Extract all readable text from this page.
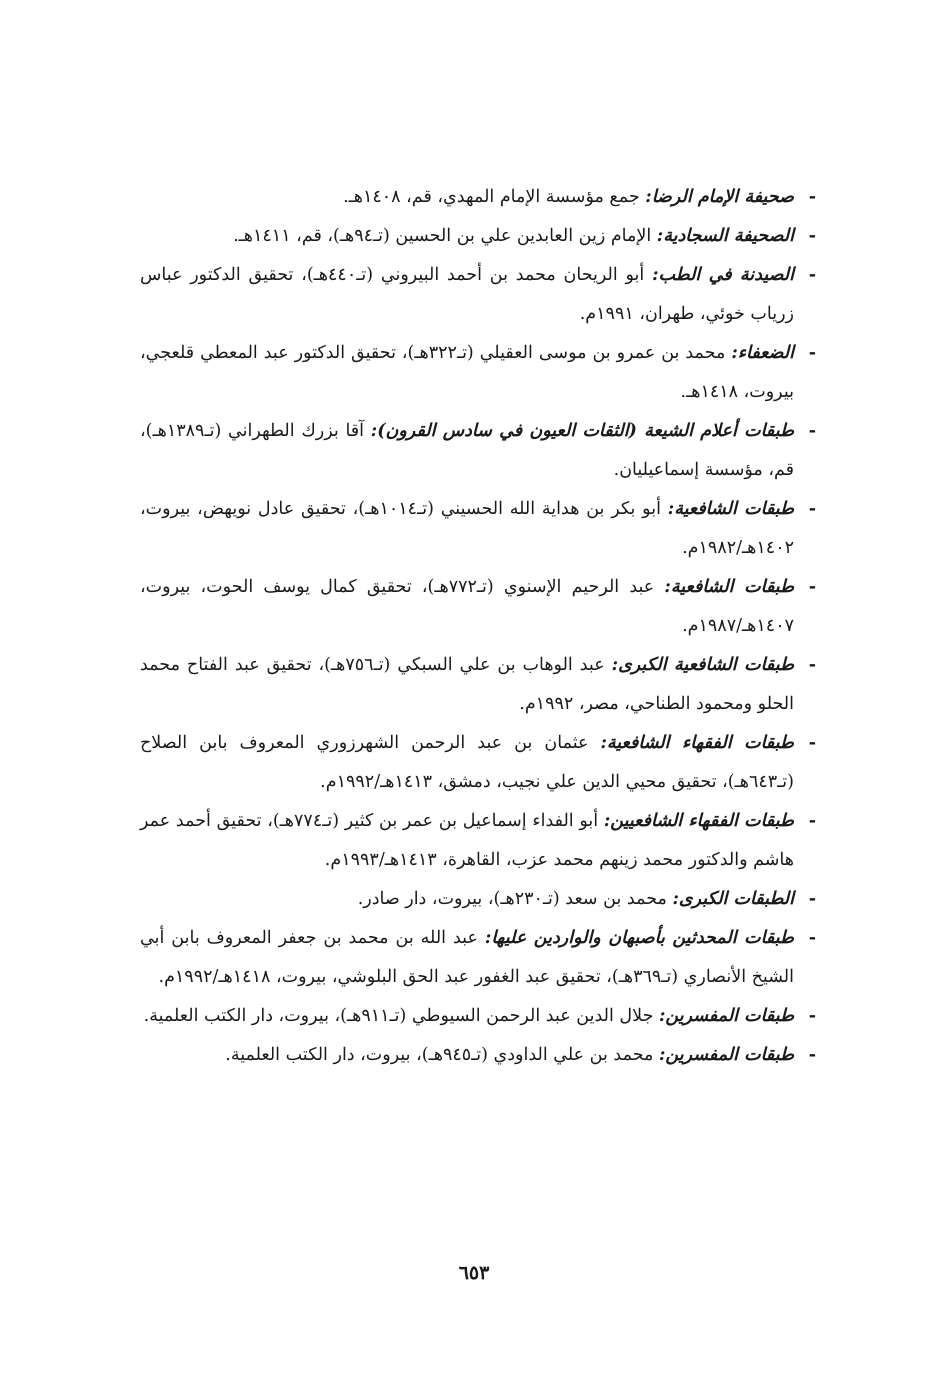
-
صحيفة الإمام الرضا: جمع مؤسسة الإمام المهدي، قم، ١٤٠٨هـ.

-
الصحيفة السجادية: الإمام زين العابدين علي بن الحسين (تـ٩٤هـ)، قم، ١٤١١هـ.

-
الصيدنة في الطب: أبو الريحان محمد بن أحمد البيروني (تـ٤٤٠هـ)، تحقيق الدكتور عباس زرياب خوئي، طهران، ١٩٩١م.

-
الضعفاء: محمد بن عمرو بن موسى العقيلي (تـ٣٢٢هـ)، تحقيق الدكتور عبد المعطي قلعجي، بيروت، ١٤١٨هـ.

-
طبقات أعلام الشيعة (الثقات العيون في سادس القرون): آقا بزرك الطهراني (تـ١٣٨٩هـ)، قم، مؤسسة إسماعيليان.

-
طبقات الشافعية: أبو بكر بن هداية الله الحسيني (تـ١٠١٤هـ)، تحقيق عادل نويهض، بيروت، ١٤٠٢هـ/١٩٨٢م.

-
طبقات الشافعية: عبد الرحيم الإسنوي (تـ٧٧٢هـ)، تحقيق كمال يوسف الحوت، بيروت، ١٤٠٧هـ/١٩٨٧م.

-
طبقات الشافعية الكبرى: عبد الوهاب بن علي السبكي (تـ٧٥٦هـ)، تحقيق عبد الفتاح محمد الحلو ومحمود الطناحي، مصر، ١٩٩٢م.

-
طبقات الفقهاء الشافعية: عثمان بن عبد الرحمن الشهرزوري المعروف بابن الصلاح (تـ٦٤٣هـ)، تحقيق محيي الدين علي نجيب، دمشق، ١٤١٣هـ/١٩٩٢م.

-
طبقات الفقهاء الشافعيين: أبو الفداء إسماعيل بن عمر بن كثير (تـ٧٧٤هـ)، تحقيق أحمد عمر هاشم والدكتور محمد زينهم محمد عزب، القاهرة، ١٤١٣هـ/١٩٩٣م.

-
الطبقات الكبرى: محمد بن سعد (تـ٢٣٠هـ)، بيروت، دار صادر.

-
طبقات المحدثين بأصبهان والواردين عليها: عبد الله بن محمد بن جعفر المعروف بابن أبي الشيخ الأنصاري (تـ٣٦٩هـ)، تحقيق عبد الغفور عبد الحق البلوشي، بيروت، ١٤١٨هـ/١٩٩٢م.

-
طبقات المفسرين: جلال الدين عبد الرحمن السيوطي (تـ٩١١هـ)، بيروت، دار الكتب العلمية.

-
طبقات المفسرين: محمد بن علي الداودي (تـ٩٤٥هـ)، بيروت، دار الكتب العلمية.

٦٥٣
